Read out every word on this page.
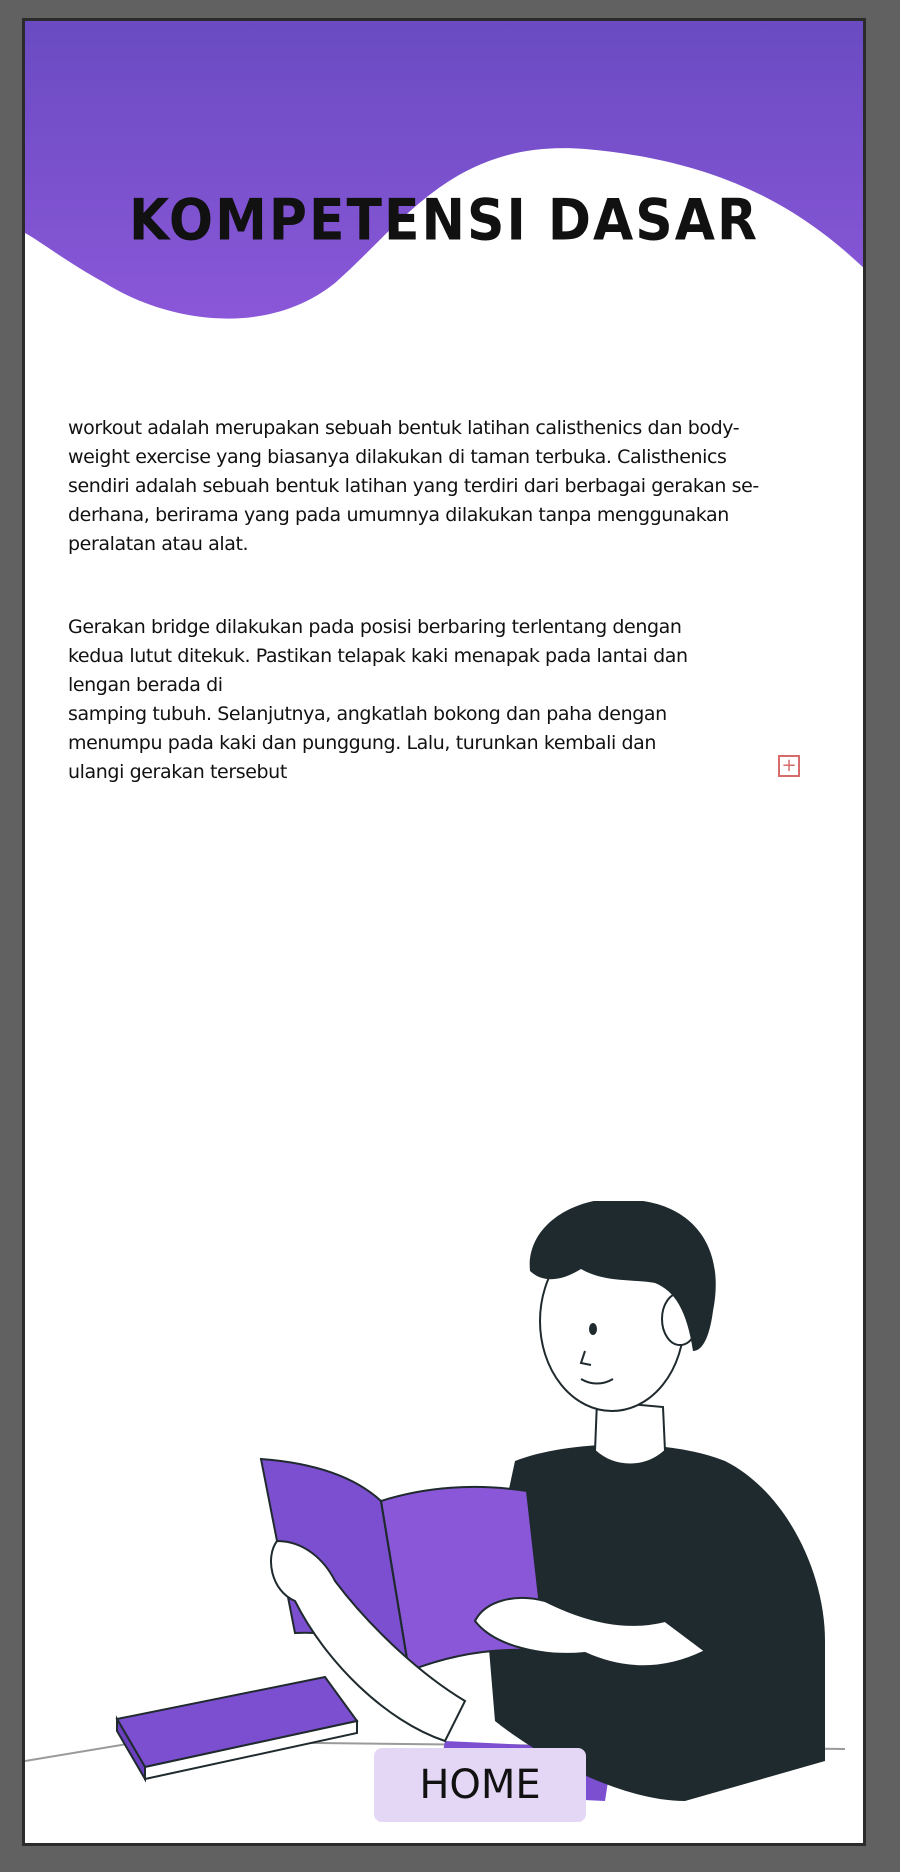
KOMPETENSI DASAR

workout adalah merupakan sebuah bentuk latihan calisthenics dan body-
weight exercise yang biasanya dilakukan di taman terbuka. Calisthenics
sendiri adalah sebuah bentuk latihan yang terdiri dari berbagai gerakan se-
derhana, berirama yang pada umumnya dilakukan tanpa menggunakan
peralatan atau alat.

Gerakan bridge dilakukan pada posisi berbaring terlentang dengan
kedua lutut ditekuk. Pastikan telapak kaki menapak pada lantai dan
lengan berada di
samping tubuh. Selanjutnya, angkatlah bokong dan paha dengan
menumpu pada kaki dan punggung. Lalu, turunkan kembali dan
ulangi gerakan tersebut	+
HOME
